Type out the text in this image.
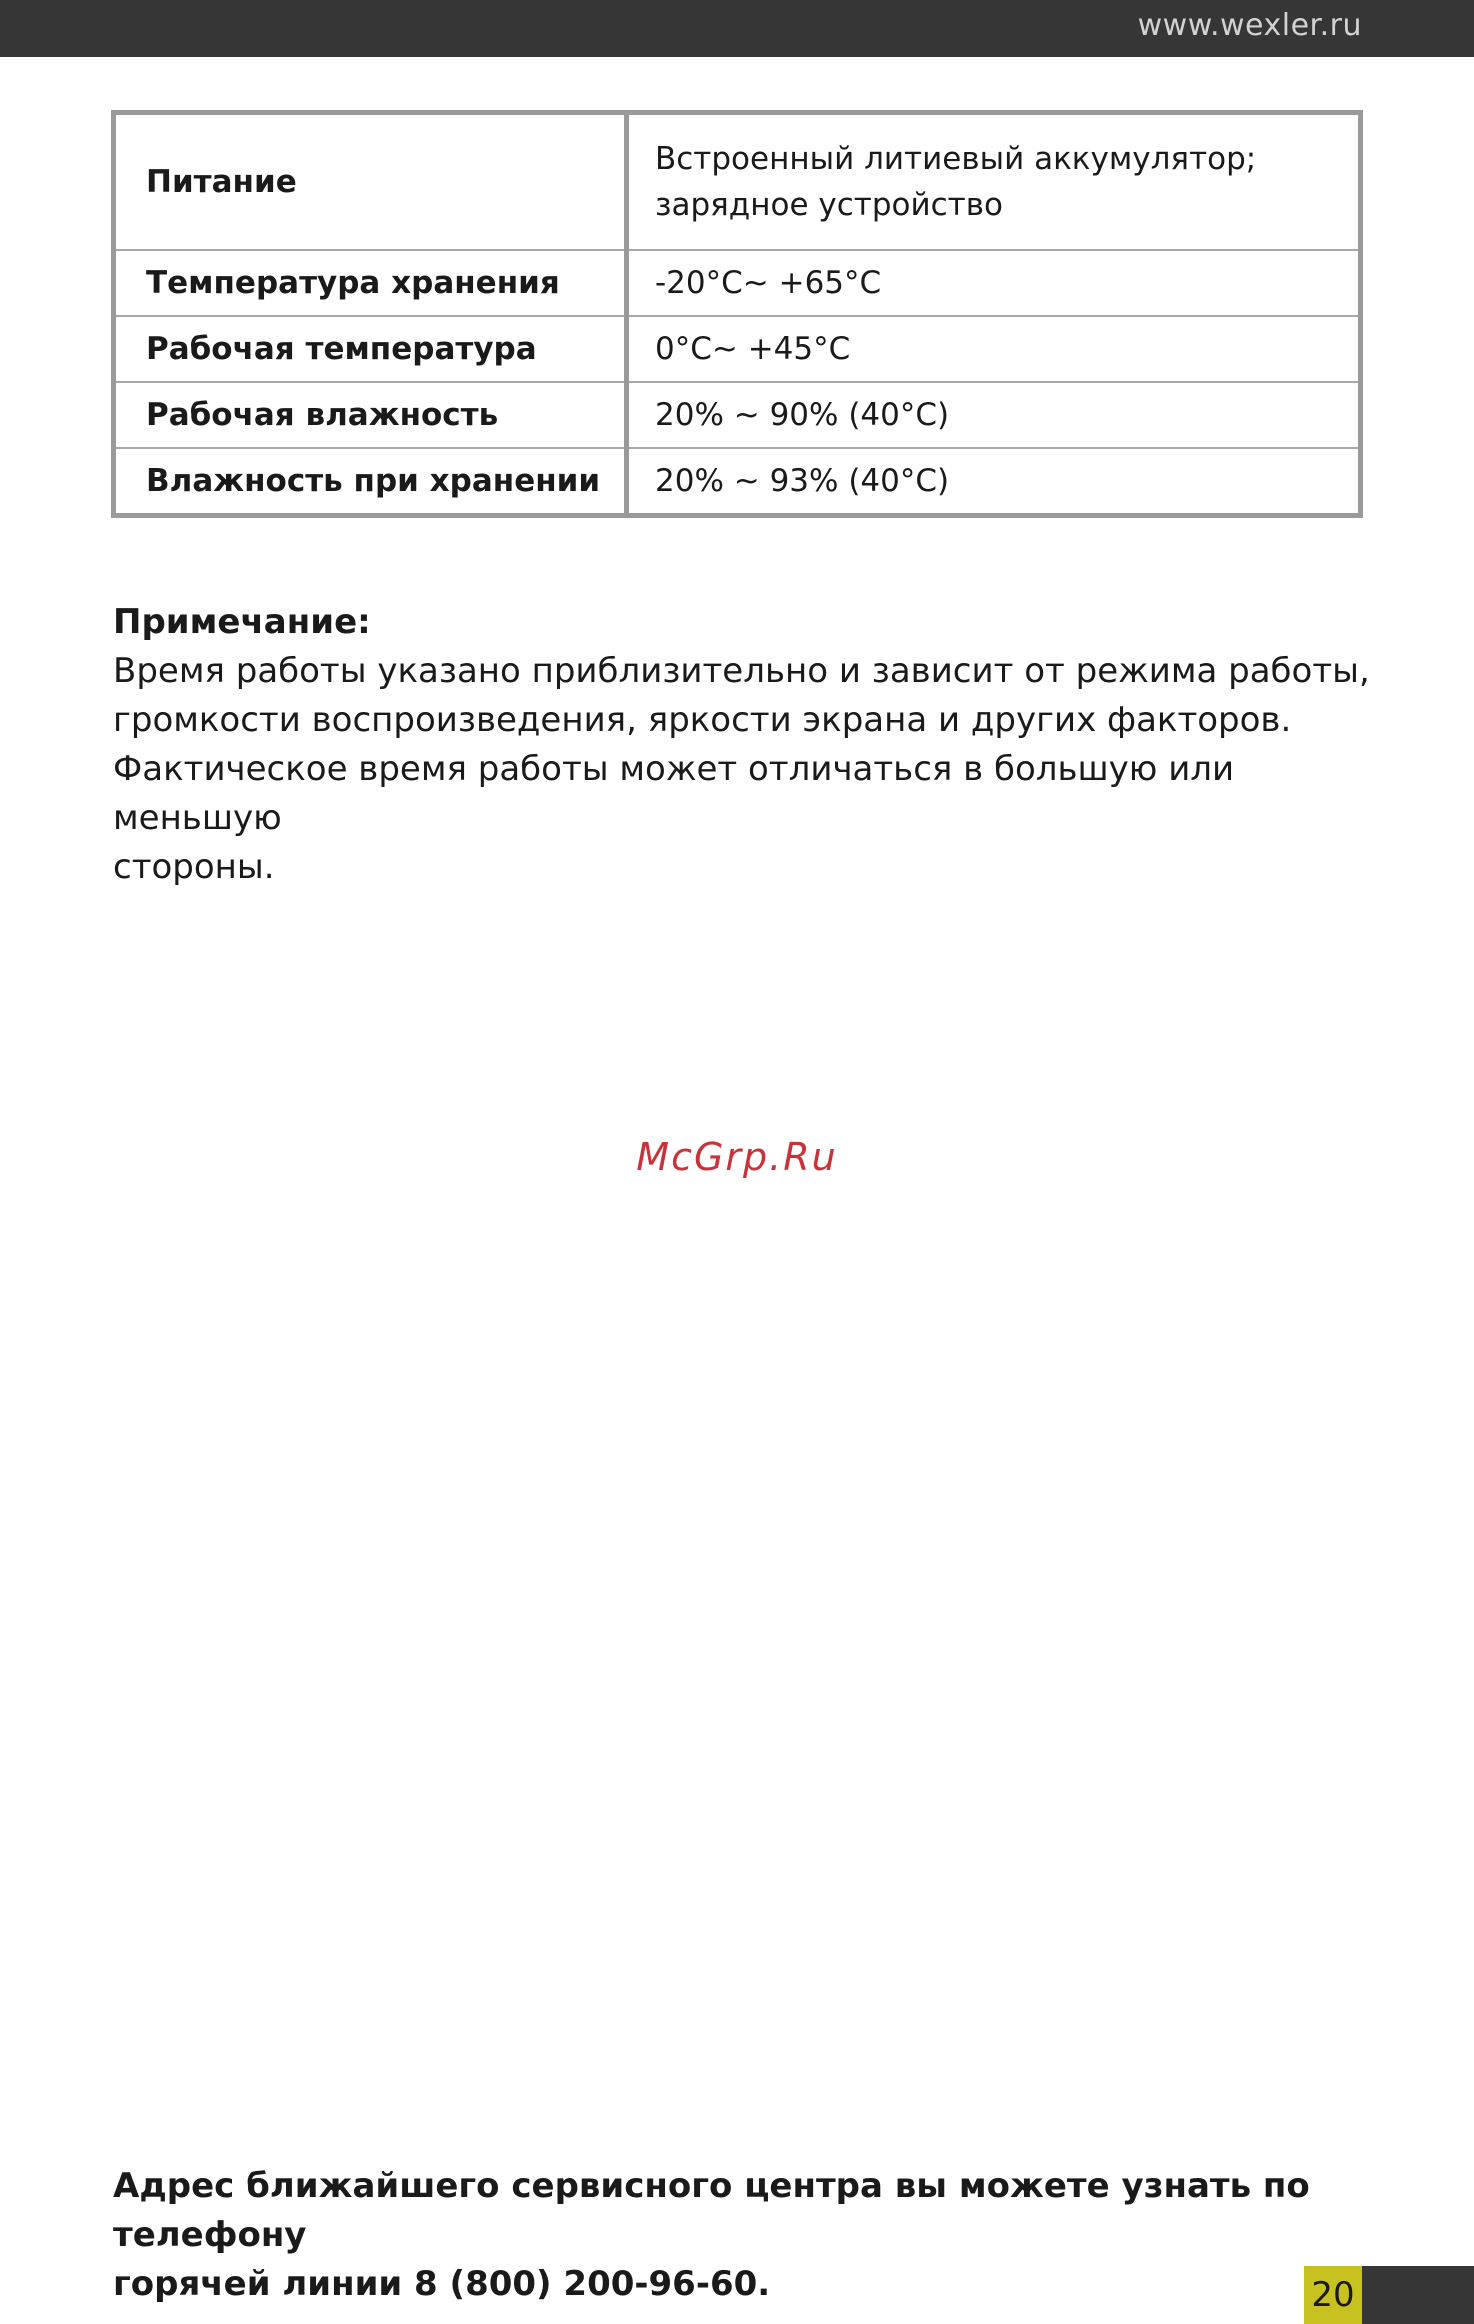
www.wexler.ru
Питание	Встроенный литиевый аккумулятор;
зарядное устройство

Температура хранения	-20°C~ +65°C
Рабочая температура	0°C~ +45°C
Рабочая влажность	20% ~ 90% (40°C)
Влажность при хранении	20% ~ 93% (40°C)
Примечание:
Время работы указано приблизительно и зависит от режима работы,
громкости воспроизведения, яркости экрана и других факторов.
Фактическое время работы может отличаться в большую или меньшую
стороны.
McGrp.Ru
Адрес ближайшего сервисного центра вы можете узнать по телефону
горячей линии 8 (800) 200-96-60.	20
